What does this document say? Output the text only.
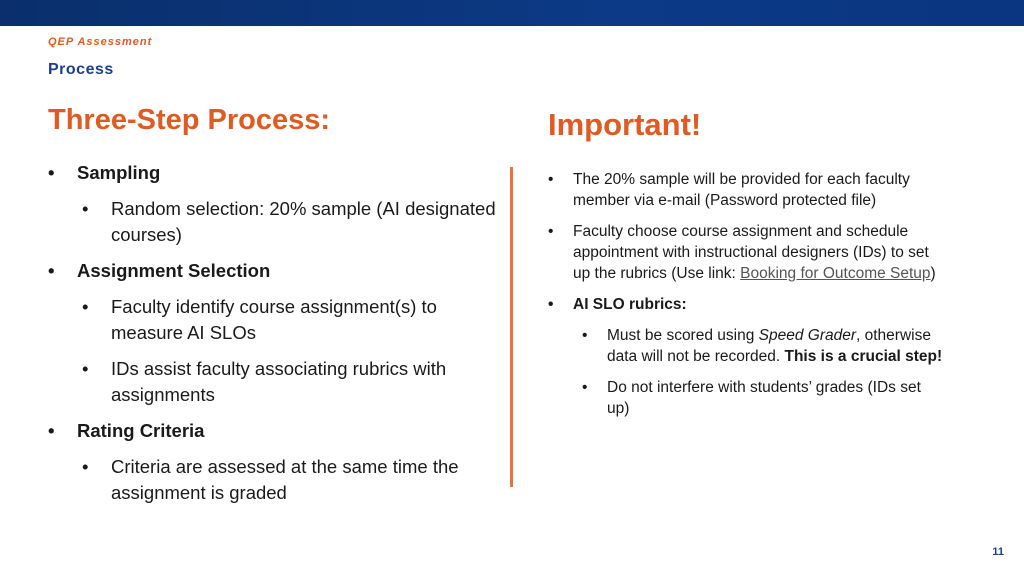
QEP Assessment
Process
Three-Step Process:	Important!
• Sampling
• Random selection: 20% sample (AI designated courses)
• Assignment Selection
• Faculty identify course assignment(s) to measure AI SLOs
• IDs assist faculty associating rubrics with assignments
• Rating Criteria
• Criteria are assessed at the same time the assignment is graded
• The 20% sample will be provided for each faculty member via e-mail (Password protected file)
• Faculty choose course assignment and schedule appointment with instructional designers (IDs) to set up the rubrics (Use link: Booking for Outcome Setup)
• AI SLO rubrics:
• Must be scored using Speed Grader, otherwise data will not be recorded. This is a crucial step!
• Do not interfere with students’ grades (IDs set up)
11
